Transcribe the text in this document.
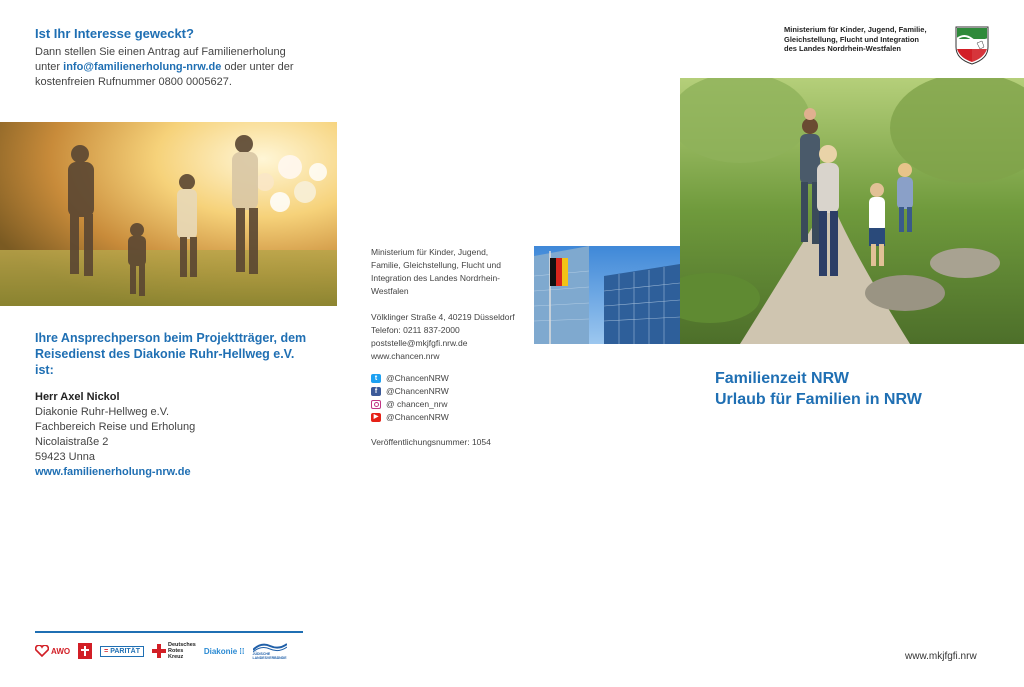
Ist Ihr Interesse geweckt?
Dann stellen Sie einen Antrag auf Familienerholung unter info@familienerholung-nrw.de oder unter der kostenfreien Rufnummer 0800 0005627.
Ihre Ansprechperson beim Projektträger, dem Reisedienst des Diakonie Ruhr-Hellweg e.V. ist:
Herr Axel Nickol
Diakonie Ruhr-Hellweg e.V.
Fachbereich Reise und Erholung
Nicolaistraße 2
59423 Unna
www.familienerholung-nrw.de
AWO	= PARITÄT
Deutsches
Rotes
Kreuz
Diakonie ⁞⁞ JÜDISCHE
LANDESVERBÄNDE
Ministerium für Kinder, Jugend,
Familie, Gleichstellung, Flucht und
Integration des Landes Nordrhein-
Westfalen
Völklinger Straße 4, 40219 Düsseldorf
Telefon: 0211 837-2000
poststelle@mkjfgfi.nrw.de
www.chancen.nrw
t	@ChancenNRW
f	@ChancenNRW
@ chancen_nrw
▶ @ChancenNRW
Veröffentlichungsnummer: 1054
Ministerium für Kinder, Jugend, Familie,
Gleichstellung, Flucht und Integration
des Landes Nordrhein-Westfalen
Familienzeit NRW
Urlaub für Familien in NRW
www.mkjfgfi.nrw
